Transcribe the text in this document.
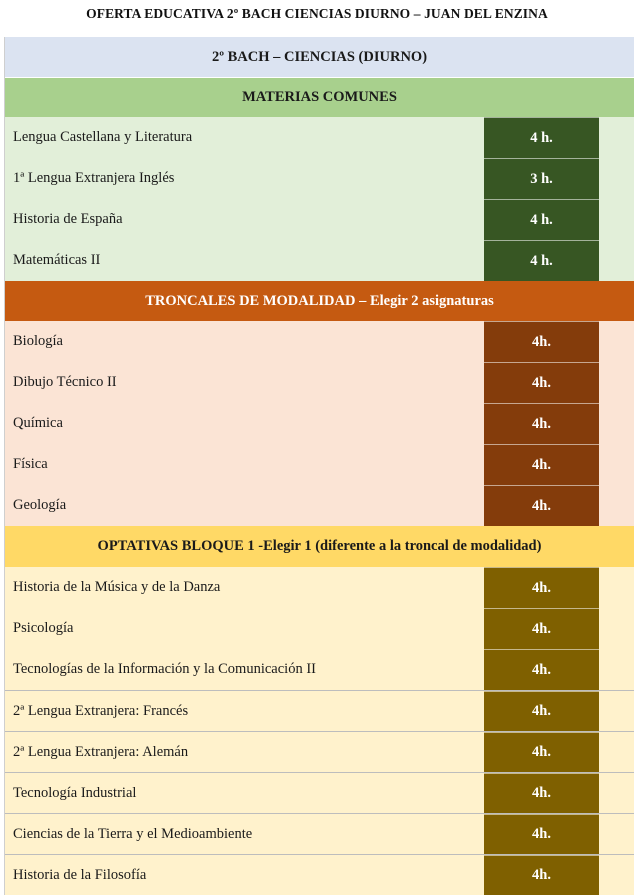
OFERTA EDUCATIVA 2º BACH CIENCIAS DIURNO – JUAN DEL ENZINA
2º BACH – CIENCIAS (DIURNO)
MATERIAS COMUNES
Lengua Castellana y Literatura	4 h.
1ª Lengua Extranjera Inglés	3 h.
Historia de España	4 h.
Matemáticas II	4 h.
TRONCALES DE MODALIDAD – Elegir 2 asignaturas
Biología	4h.
Dibujo Técnico II	4h.
Química	4h.
Física	4h.
Geología	4h.
OPTATIVAS BLOQUE 1 -Elegir 1 (diferente a la troncal de modalidad)
Historia de la Música y de la Danza	4h.
Psicología	4h.
Tecnologías de la Información y la Comunicación II	4h.
2ª Lengua Extranjera: Francés	4h.
2ª Lengua Extranjera: Alemán	4h.
Tecnología Industrial	4h.
Ciencias de la Tierra y el Medioambiente	4h.
Historia de la Filosofía	4h.
